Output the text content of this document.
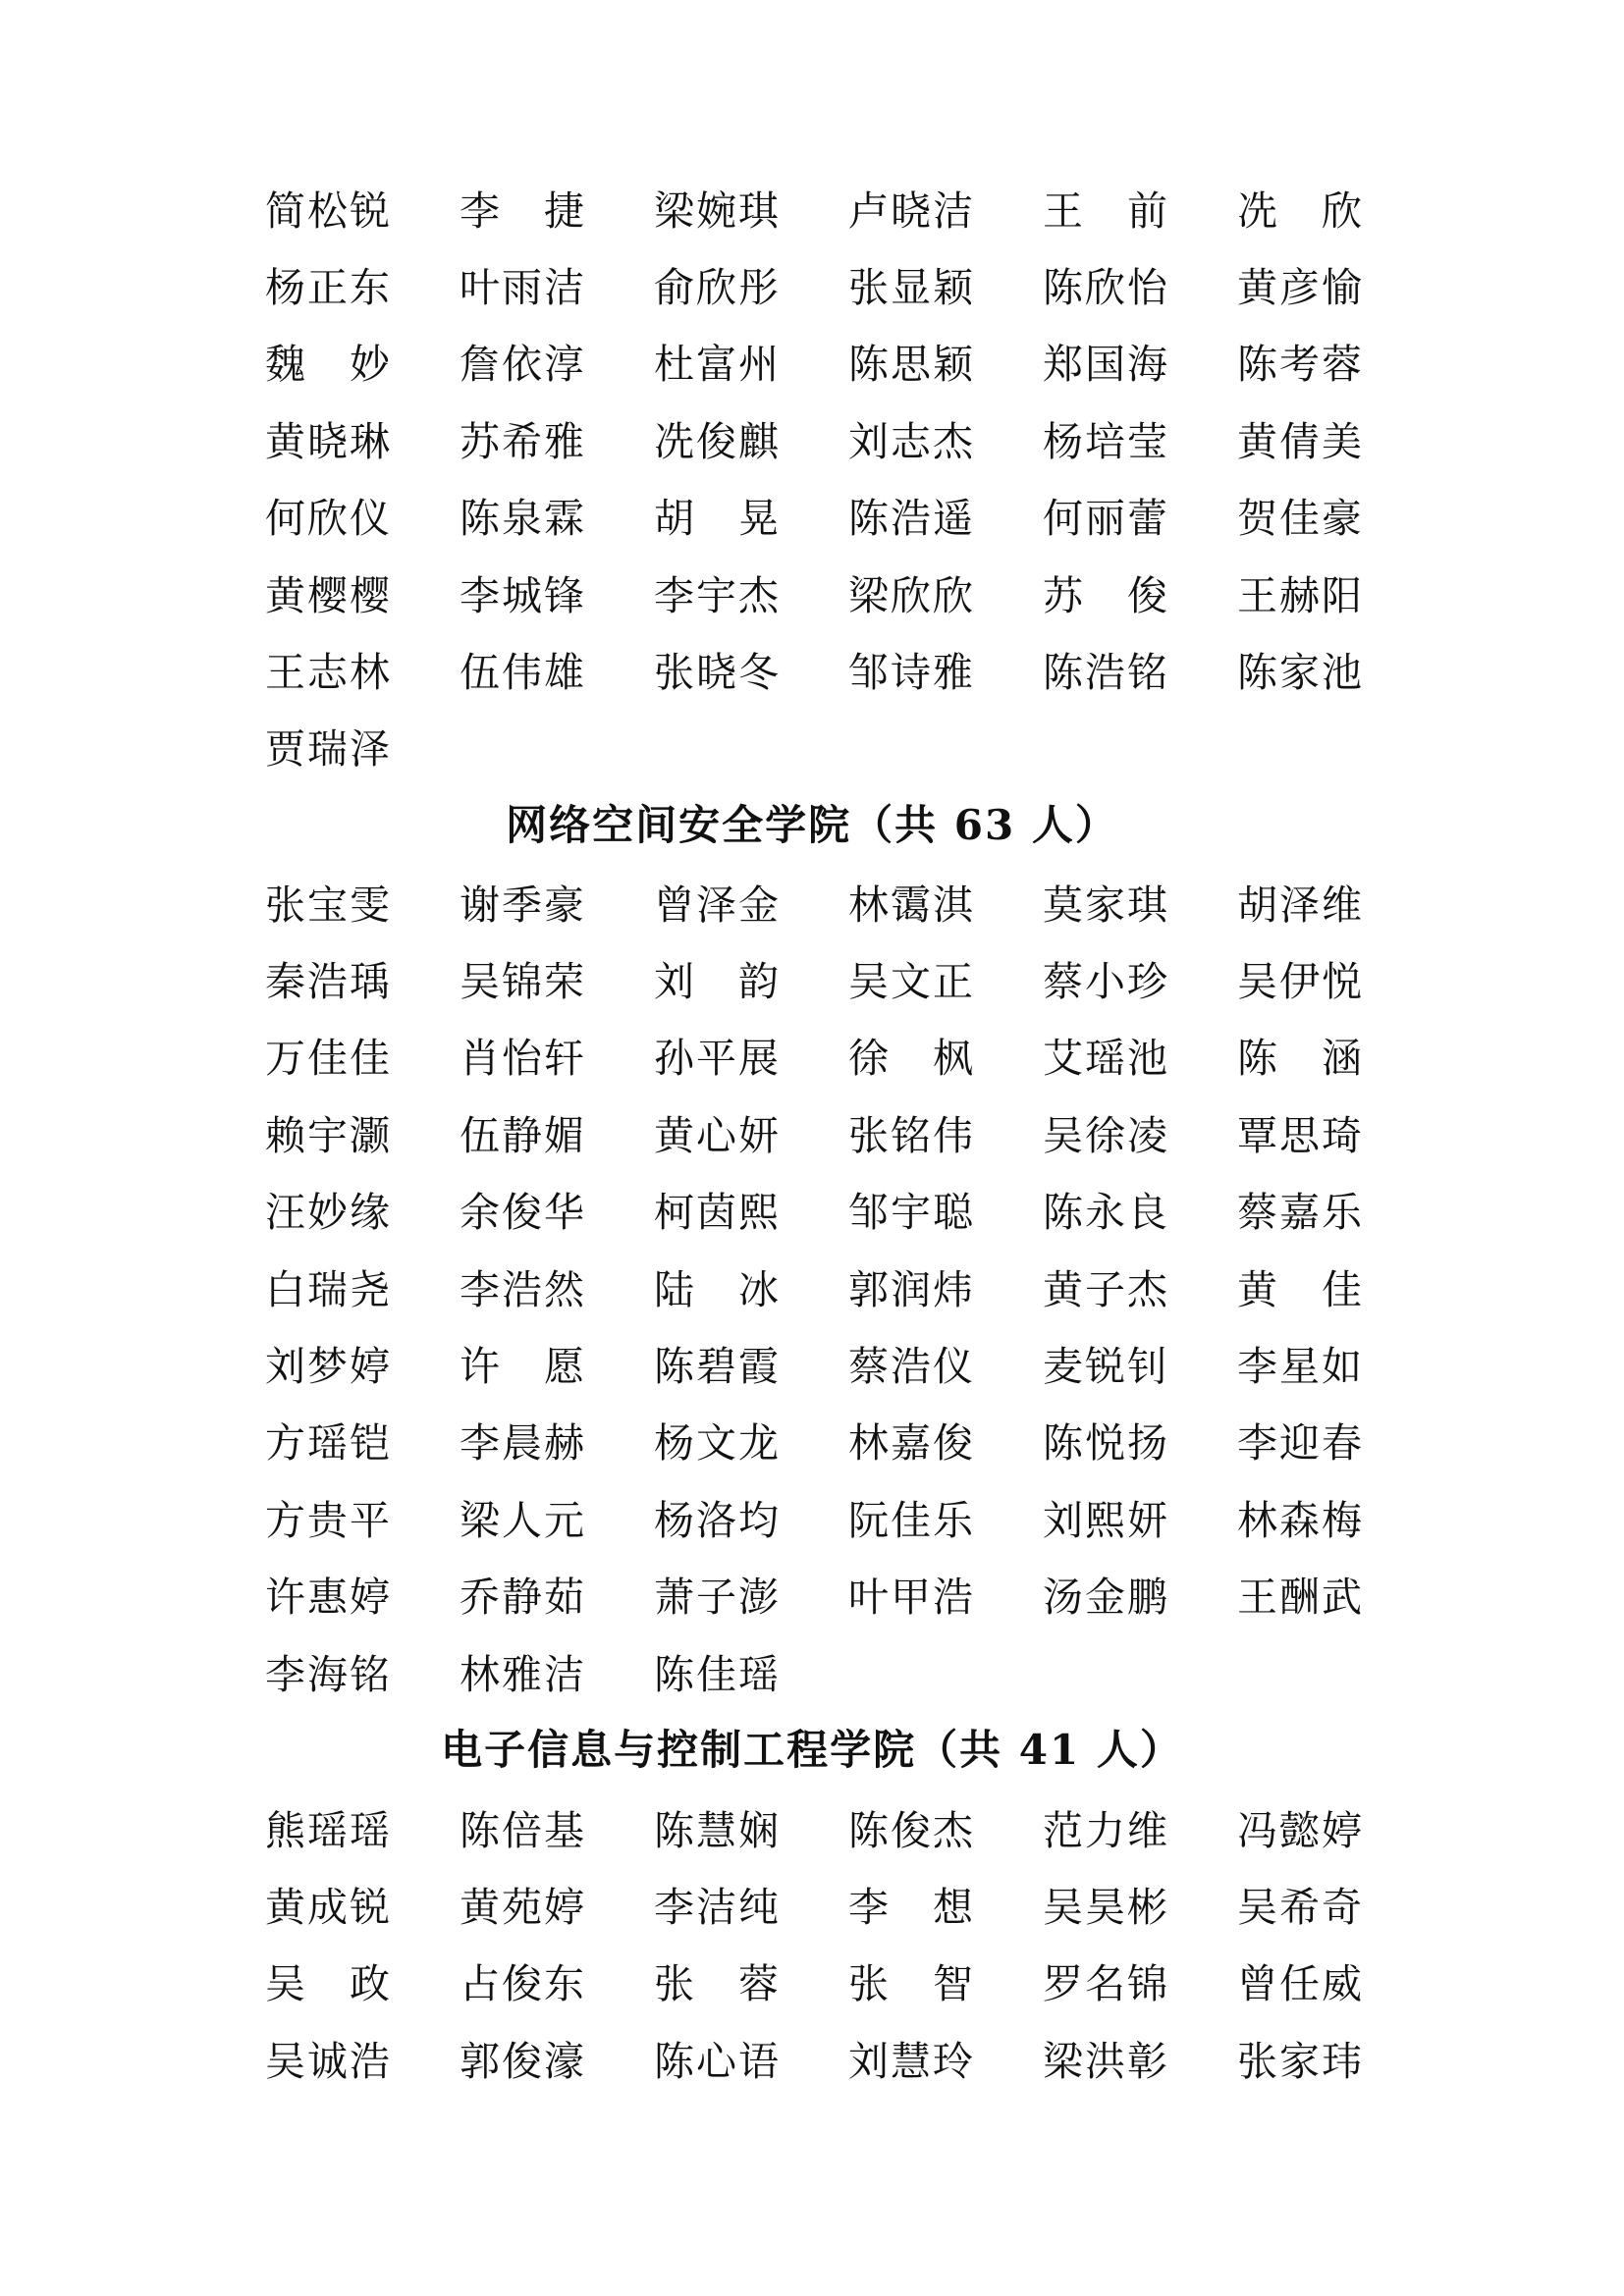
简松锐 李　捷 梁婉琪 卢晓洁 王　前 冼　欣
杨正东 叶雨洁 俞欣彤 张显颖 陈欣怡 黄彦愉
魏　妙 詹依淳 杜富州 陈思颖 郑国海 陈考蓉
黄晓琳 苏希雅 冼俊麒 刘志杰 杨培莹 黄倩美
何欣仪 陈泉霖 胡　晃 陈浩遥 何丽蕾 贺佳豪
黄樱樱 李城锋 李宇杰 梁欣欣 苏　俊 王赫阳
王志林 伍伟雄 张晓冬 邹诗雅 陈浩铭 陈家池
贾瑞泽
网络空间安全学院（共 63 人）
张宝雯 谢季豪 曾泽金 林霭淇 莫家琪 胡泽维
秦浩瑀 吴锦荣 刘　韵 吴文正 蔡小珍 吴伊悦
万佳佳 肖怡轩 孙平展 徐　枫 艾瑶池 陈　涵
赖宇灏 伍静媚 黄心妍 张铭伟 吴徐凌 覃思琦
汪妙缘 余俊华 柯茵熙 邹宇聪 陈永良 蔡嘉乐
白瑞尧 李浩然 陆　冰 郭润炜 黄子杰 黄　佳
刘梦婷 许　愿 陈碧霞 蔡浩仪 麦锐钊 李星如
方瑶铠 李晨赫 杨文龙 林嘉俊 陈悦扬 李迎春
方贵平 梁人元 杨洛均 阮佳乐 刘熙妍 林森梅
许惠婷 乔静茹 萧子澎 叶甲浩 汤金鹏 王酬武
李海铭 林雅洁 陈佳瑶
电子信息与控制工程学院（共 41 人）
熊瑶瑶 陈倍基 陈慧娴 陈俊杰 范力维 冯懿婷
黄成锐 黄苑婷 李洁纯 李　想 吴昊彬 吴希奇
吴　政 占俊东 张　蓉 张　智 罗名锦 曾任威
吴诚浩 郭俊濠 陈心语 刘慧玲 梁洪彰 张家玮
